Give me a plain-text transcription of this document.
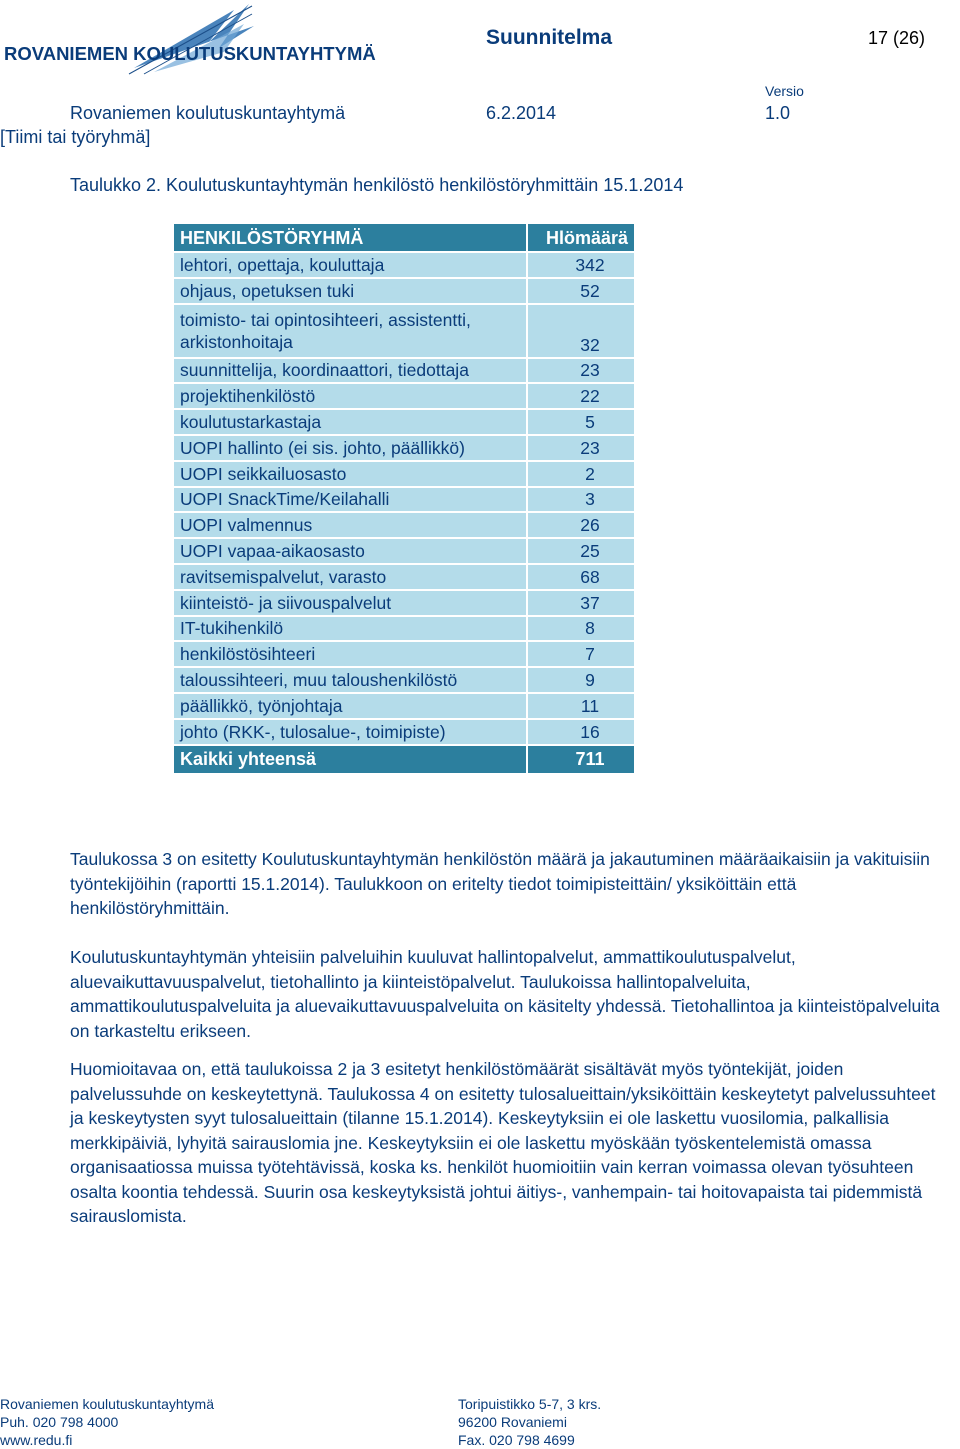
ROVANIEMEN KOULUTUSKUNTAYHTYMÄ
Suunnitelma	17 (26)
Versio
Rovaniemen koulutuskuntayhtymä	6.2.2014	1.0
[Tiimi tai työryhmä]
Taulukko 2. Koulutuskuntayhtymän henkilöstö henkilöstöryhmittäin 15.1.2014
HENKILÖSTÖRYHMÄ	Hlömäärä
lehtori, opettaja, kouluttaja	342
ohjaus, opetuksen tuki	52
toimisto- tai opintosihteeri, assistentti, arkistonhoitaja	32
suunnittelija, koordinaattori, tiedottaja	23
projektihenkilöstö	22
koulutustarkastaja	5
UOPI hallinto (ei sis. johto, päällikkö)	23
UOPI seikkailuosasto	2
UOPI SnackTime/Keilahalli	3
UOPI valmennus	26
UOPI vapaa-aikaosasto	25
ravitsemispalvelut, varasto	68
kiinteistö- ja siivouspalvelut	37
IT-tukihenkilö	8
henkilöstösihteeri	7
taloussihteeri, muu taloushenkilöstö	9
päällikkö, työnjohtaja	11
johto (RKK-, tulosalue-, toimipiste)	16
Kaikki yhteensä	711

Taulukossa 3 on esitetty Koulutuskuntayhtymän henkilöstön määrä ja jakautuminen määräaikaisiin ja vakituisiin työntekijöihin (raportti 15.1.2014). Taulukkoon on eritelty tiedot toimipisteittäin/ yksiköittäin että henkilöstöryhmittäin.

Koulutuskuntayhtymän yhteisiin palveluihin kuuluvat hallintopalvelut, ammattikoulutuspalvelut, aluevaikuttavuuspalvelut, tietohallinto ja kiinteistöpalvelut. Taulukoissa hallintopalveluita, ammattikoulutuspalveluita ja aluevaikuttavuuspalveluita on käsitelty yhdessä. Tietohallintoa ja kiinteistöpalveluita on tarkasteltu erikseen.

Huomioitavaa on, että taulukoissa 2 ja 3 esitetyt henkilöstömäärät sisältävät myös työntekijät, joiden palvelussuhde on keskeytettynä. Taulukossa 4 on esitetty tulosalueittain/yksiköittäin keskeytetyt palvelussuhteet ja keskeytysten syyt tulosalueittain (tilanne 15.1.2014). Keskeytyksiin ei ole laskettu vuosilomia, palkallisia merkkipäiviä, lyhyitä sairauslomia jne. Keskeytyksiin ei ole laskettu myöskään työskentelemistä omassa organisaatiossa muissa työtehtävissä, koska ks. henkilöt huomioitiin vain kerran voimassa olevan työsuhteen osalta koontia tehdessä. Suurin osa keskeytyksistä johtui äitiys-, vanhempain- tai hoitovapaista tai pidemmistä sairauslomista.

Rovaniemen koulutuskuntayhtymä
Puh. 020 798 4000
www.redu.fi
Toripuistikko 5-7, 3 krs.
96200 Rovaniemi
Fax. 020 798 4699
